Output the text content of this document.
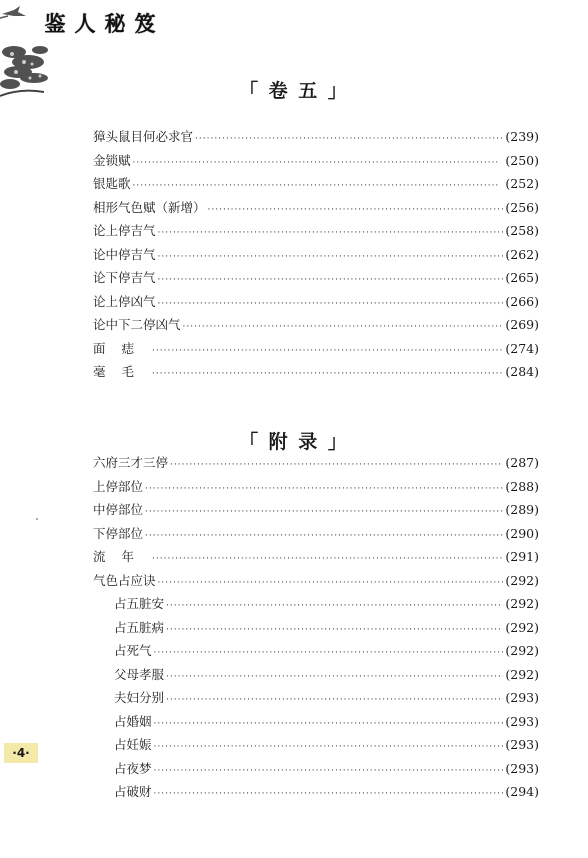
鉴 人 秘 笈
「 卷 五 」
獐头鼠目何必求官 ·····	(239)
金锁赋 ·····	(250)
银匙歌 ·····	(252)
相形气色赋（新增） ·····	(256)
论上停吉气 ·····	(258)
论中停吉气 ·····	(262)
论下停吉气 ·····	(265)
论上停凶气 ·····	(266)
论中下二停凶气 ·····	(269)
面痣 ·····	(274)
毫毛 ·····	(284)
「 附 录 」
六府三才三停 ·····	(287)
上停部位 ·····	(288)
中停部位 ·····	(289)
下停部位 ·····	(290)
流年 ·····	(291)
气色占应诀 ·····	(292)
占五脏安 ·····	(292)
占五脏病 ·····	(292)
占死气 ·····	(292)
父母孝服 ·····	(292)
夫妇分别 ·····	(293)
占婚姻 ·····	(293)
占妊娠 ·····	(293)
占夜梦 ·····	(293)
占破财 ·····	(294)
·4·
